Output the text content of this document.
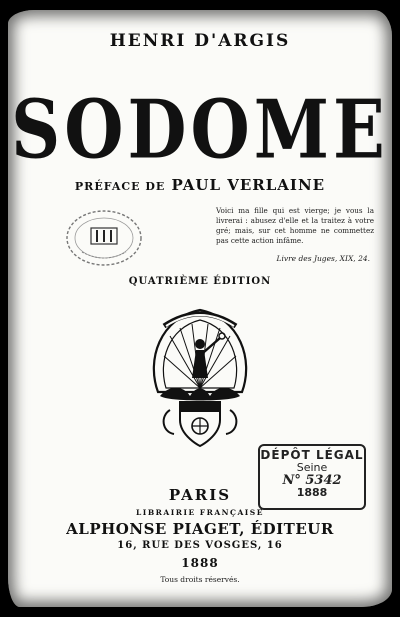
HENRI D'ARGIS
SODOME
PRÉFACE DE PAUL VERLAINE
Voici ma fille qui est vierge; je vous la livrerai : abusez d'elle et la traitez à votre gré; mais, sur cet homme ne commettez pas cette action infâme.
Livre des Juges, XIX, 24.
QUATRIÈME ÉDITION
DÉPÔT LÉGAL
Seine
N° 5342
1888
PARIS
LIBRAIRIE FRANÇAISE
ALPHONSE PIAGET, ÉDITEUR
16, RUE DES VOSGES, 16
1888
Tous droits réservés.
